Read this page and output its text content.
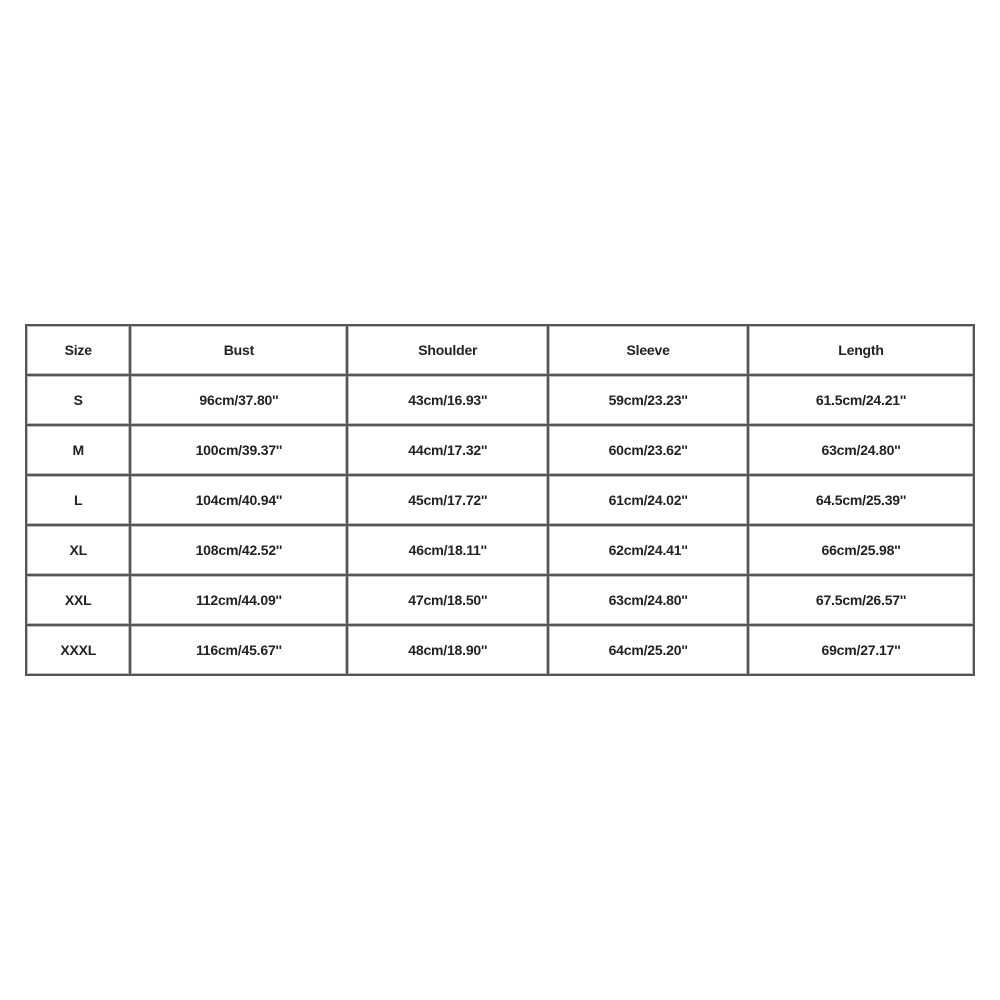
Size	Bust	Shoulder	Sleeve	Length
S	96cm/37.80''	43cm/16.93''	59cm/23.23''	61.5cm/24.21''
M	100cm/39.37''	44cm/17.32''	60cm/23.62''	63cm/24.80''
L	104cm/40.94''	45cm/17.72''	61cm/24.02''	64.5cm/25.39''
XL	108cm/42.52''	46cm/18.11''	62cm/24.41''	66cm/25.98''
XXL	112cm/44.09''	47cm/18.50''	63cm/24.80''	67.5cm/26.57''
XXXL	116cm/45.67''	48cm/18.90''	64cm/25.20''	69cm/27.17''
